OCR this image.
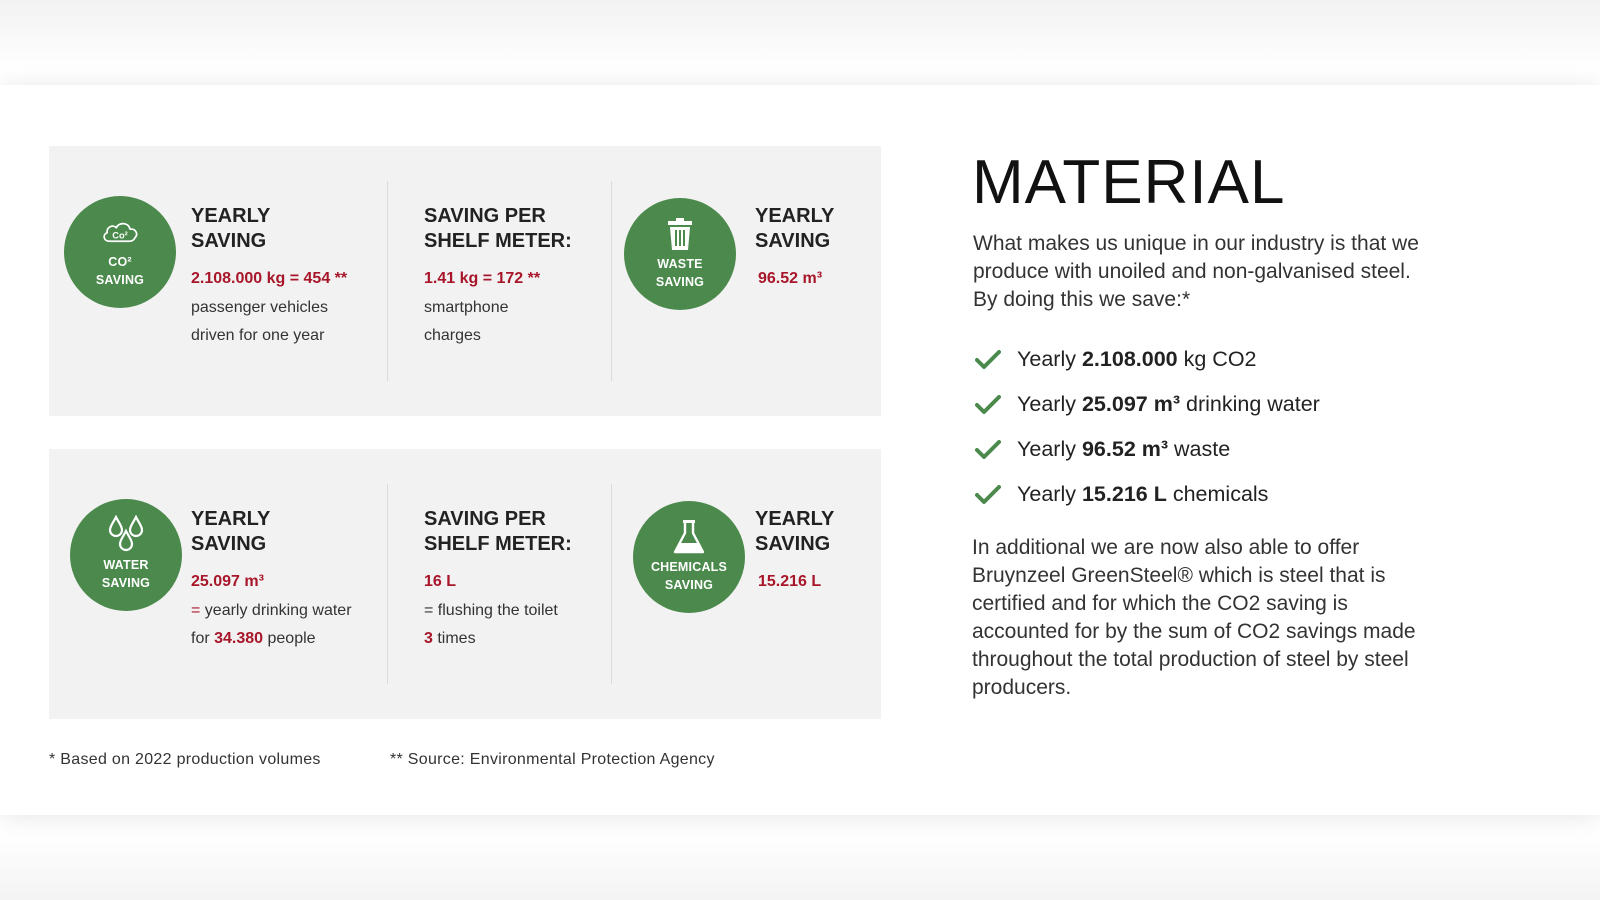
Co²
CO²
SAVING
YEARLY
SAVING
2.108.000 kg = 454 **
passenger vehicles
driven for one year
SAVING PER
SHELF METER:
1.41 kg = 172 **
smartphone
charges
WASTE
SAVING
YEARLY
SAVING
96.52 m³
WATER
SAVING
YEARLY
SAVING
25.097 m³
= yearly drinking water
for 34.380 people
SAVING PER
SHELF METER:
16 L
= flushing the toilet
3 times
CHEMICALS
SAVING
YEARLY
SAVING
15.216 L
* Based on 2022 production volumes	** Source: Environmental Protection Agency
MATERIAL

What makes us unique in our industry is that we
produce with unoiled and non-galvanised steel.
By doing this we save:*

Yearly 2.108.000 kg CO2
Yearly 25.097 m³ drinking water
Yearly 96.52 m³ waste
Yearly 15.216 L chemicals

In additional we are now also able to offer
Bruynzeel GreenSteel® which is steel that is
certified and for which the CO2 saving is
accounted for by the sum of CO2 savings made
throughout the total production of steel by steel
producers.
